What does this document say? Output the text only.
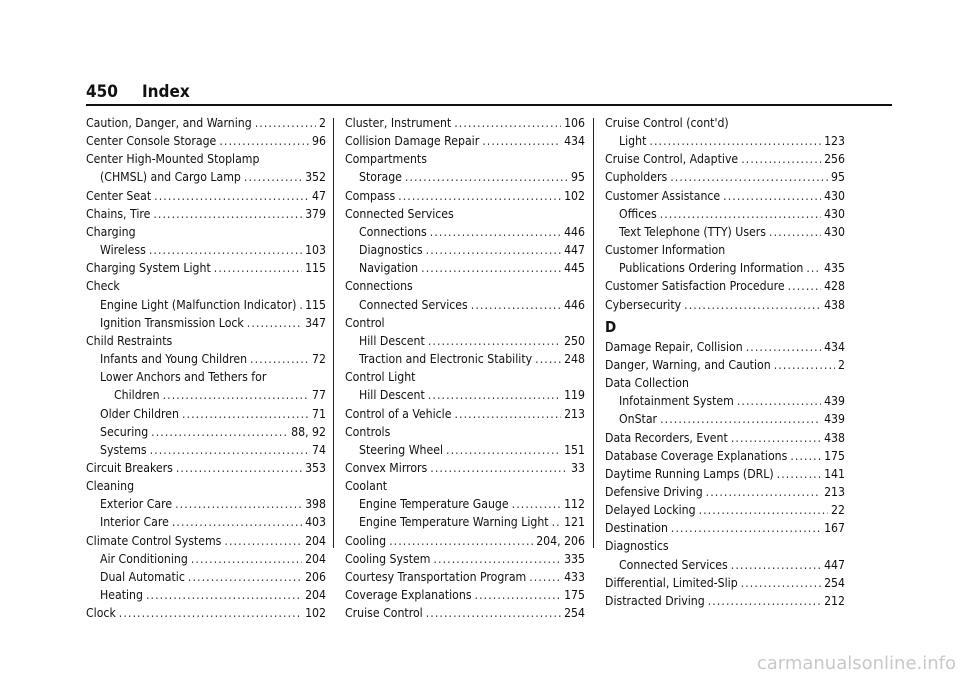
450 Index
Caution, Danger, and Warning . . .	2
Center Console Storage . . .	96
Center High-Mounted Stoplamp
(CHMSL) and Cargo Lamp . . .	352
Center Seat . . .	47
Chains, Tire . . .	379
Charging
Wireless . . .	103
Charging System Light . . .	115
Check
Engine Light (Malfunction Indicator) . . . 115
Ignition Transmission Lock . . .	347
Child Restraints
Infants and Young Children . . .	72
Lower Anchors and Tethers for
Children . . .	77
Older Children . . .	71
Securing . . .	88, 92
Systems . . .	74
Circuit Breakers . . .	353
Cleaning
Exterior Care . . .	398
Interior Care . . .	403
Climate Control Systems . . .	204
Air Conditioning . . .	204
Dual Automatic . . .	206
Heating . . .	204
Clock . . .	102
Cluster, Instrument . . .	106
Collision Damage Repair . . .	434
Compartments
Storage . . .	95
Compass . . .	102
Connected Services
Connections . . .	446
Diagnostics . . .	447
Navigation . . .	445
Connections
Connected Services . . .	446
Control
Hill Descent . . .	250
Traction and Electronic Stability . . .	248
Control Light
Hill Descent . . .	119
Control of a Vehicle . . .	213
Controls
Steering Wheel . . .	151
Convex Mirrors . . .	33
Coolant
Engine Temperature Gauge . . .	112
Engine Temperature Warning Light . . . 121
Cooling . . .	204, 206
Cooling System . . .	335
Courtesy Transportation Program . . .	433
Coverage Explanations . . .	175
Cruise Control . . .	254
Cruise Control (cont'd)
Light . . .	123
Cruise Control, Adaptive . . .	256
Cupholders . . .	95
Customer Assistance . . .	430
Offices . . .	430
Text Telephone (TTY) Users . . .	430
Customer Information
Publications Ordering Information . . . 435
Customer Satisfaction Procedure . . .	428
Cybersecurity . . .	438
D
Damage Repair, Collision . . .	434
Danger, Warning, and Caution . . .	2
Data Collection
Infotainment System . . .	439
OnStar . . .	439
Data Recorders, Event . . .	438
Database Coverage Explanations . . .	175
Daytime Running Lamps (DRL) . . .	141
Defensive Driving . . .	213
Delayed Locking . . .	22
Destination . . .	167
Diagnostics
Connected Services . . .	447
Differential, Limited-Slip . . .	254
Distracted Driving . . .	212
carmanualsonline.info
